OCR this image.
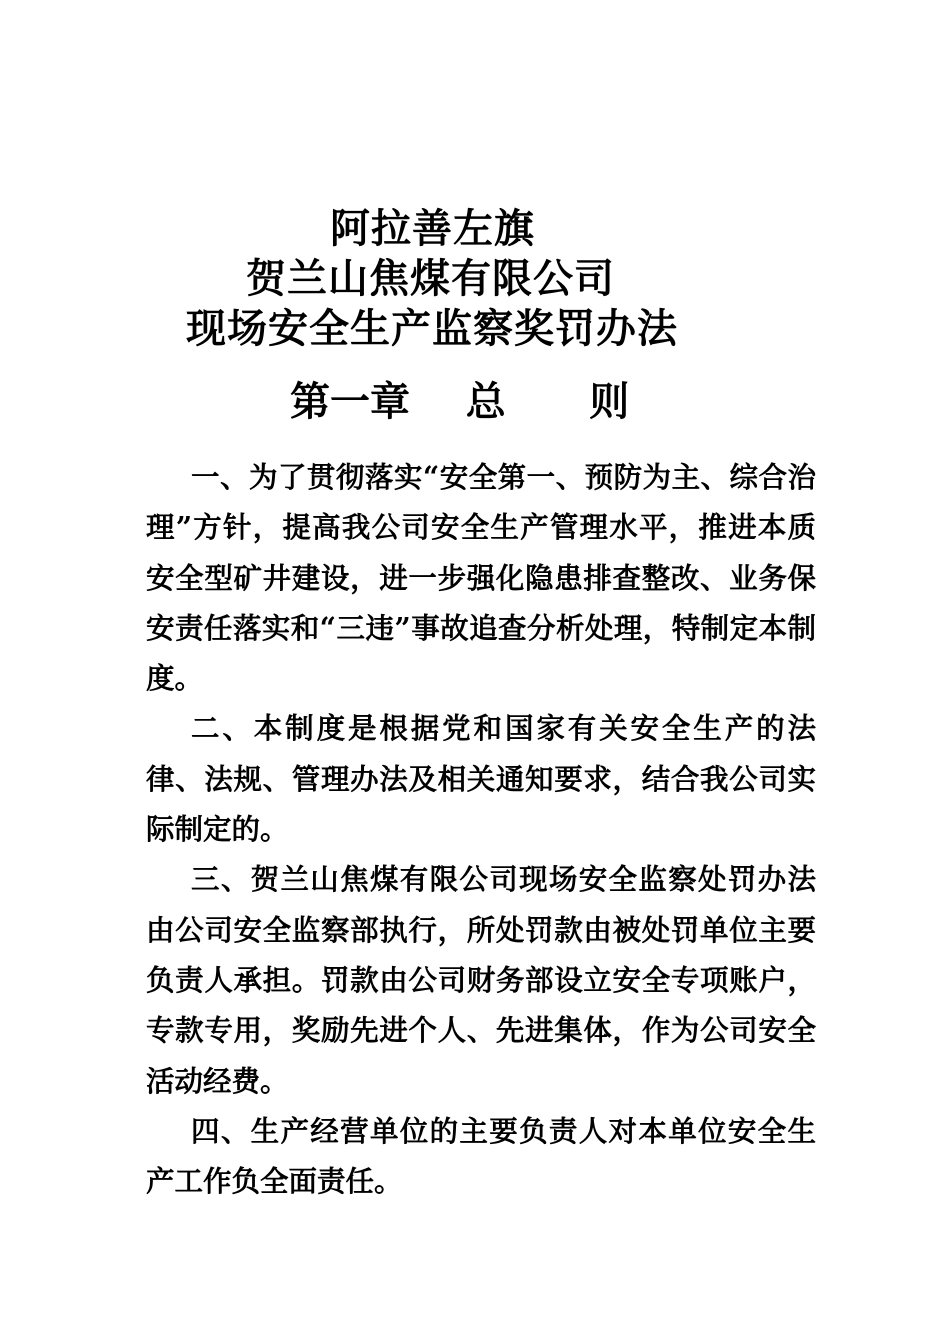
阿拉善左旗
贺兰山焦煤有限公司
现场安全生产监察奖罚办法
第一章    总      则

一、为了贯彻落实“安全第一、预防为主、综合治理”方针，提高我公司安全生产管理水平，推进本质安全型矿井建设，进一步强化隐患排查整改、业务保安责任落实和“三违”事故追查分析处理，特制定本制度。

二、本制度是根据党和国家有关安全生产的法律、法规、管理办法及相关通知要求，结合我公司实际制定的。

三、贺兰山焦煤有限公司现场安全监察处罚办法由公司安全监察部执行，所处罚款由被处罚单位主要负责人承担。罚款由公司财务部设立安全专项账户，专款专用，奖励先进个人、先进集体，作为公司安全活动经费。

四、生产经营单位的主要负责人对本单位安全生产工作负全面责任。
